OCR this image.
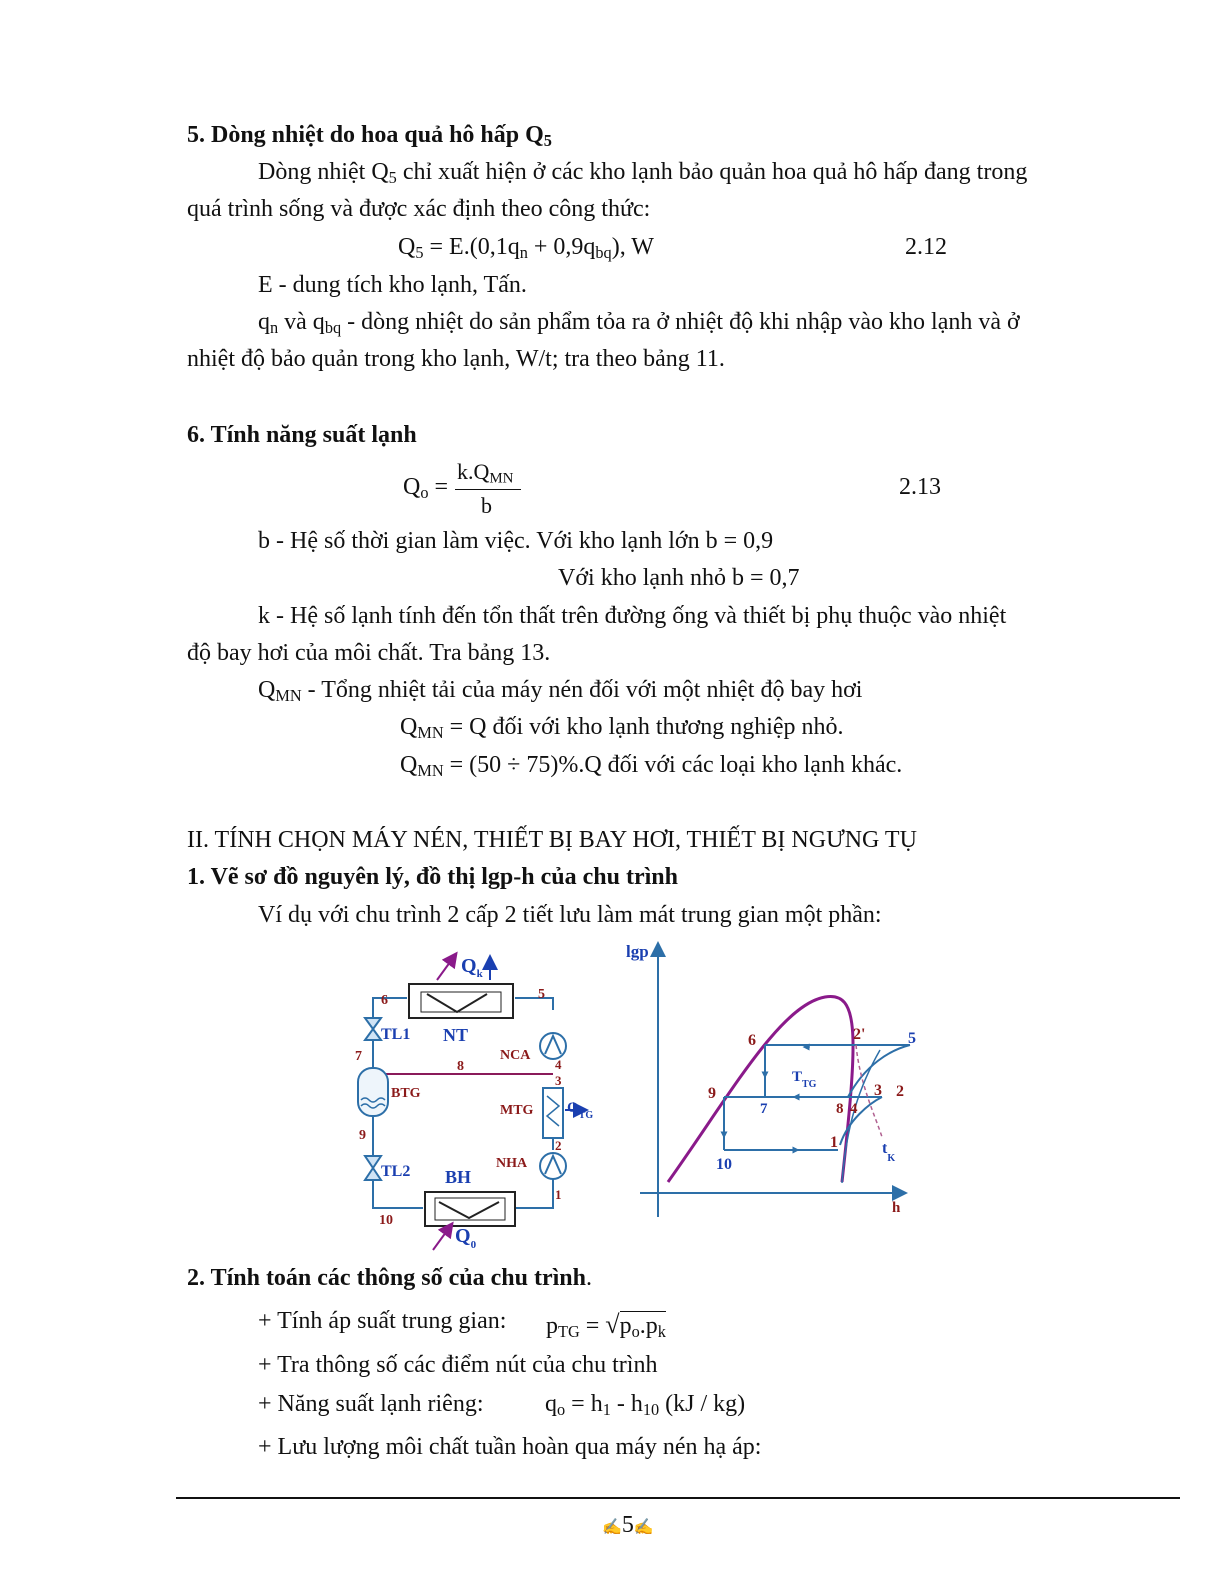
5. Dòng nhiệt do hoa quả hô hấp $Q_5$
Dòng nhiệt $Q_5$ chỉ xuất hiện ở các kho lạnh bảo quản hoa quả hô hấp đang trong
quá trình sống và được xác định theo công thức:
$Q_5 = E.(0,1q_n + 0,9q_{bq})$, W	2.12
E - dung tích kho lạnh, Tấn.
$q_n$ và $q_{bq}$ - dòng nhiệt do sản phẩm tỏa ra ở nhiệt độ khi nhập vào kho lạnh và ở
nhiệt độ bảo quản trong kho lạnh, W/t; tra theo bảng 11.
6. Tính năng suất lạnh
$Q_o$ =
$k.Q_{MN}$
b
2.13
b - Hệ số thời gian làm việc. Với kho lạnh lớn b = 0,9
Với kho lạnh nhỏ b = 0,7
k - Hệ số lạnh tính đến tổn thất trên đường ống và thiết bị phụ thuộc vào nhiệt
độ bay hơi của môi chất. Tra bảng 13.
$Q_{MN}$ - Tổng nhiệt tải của máy nén đối với một nhiệt độ bay hơi
$Q_{MN} = Q$ đối với kho lạnh thương nghiệp nhỏ.
$Q_{MN} = (50 \div 75)\%.Q$ đối với các loại kho lạnh khác.
II. TÍNH CHỌN MÁY NÉN, THIẾT BỊ BAY HƠI, THIẾT BỊ NGƯNG TỤ
1. Vẽ sơ đồ nguyên lý, đồ thị lgp-h của chu trình
Ví dụ với chu trình 2 cấp 2 tiết lưu làm mát trung gian một phần:
$Q_k$
5
6
NT
TL1
7	NCA
4
8
3
BTG
MTG $Q_{TG}$
9
2
TL2 BH
NHA
1
10
$Q_0$
lgp
h
6	2'	5
$T_{TG}$
9
7	8 4
3 2
1	$t_K$
10
2. Tính toán các thông số của chu trình.
+ Tính áp suất trung gian: $p_{TG} = √p_o.p_k$
+ Tra thông số các điểm nút của chu trình
+ Năng suất lạnh riêng:	$q_o = h_1 - h_{10}$ (kJ / kg)
+ Lưu lượng môi chất tuần hoàn qua máy nén hạ áp:
✍5✍
